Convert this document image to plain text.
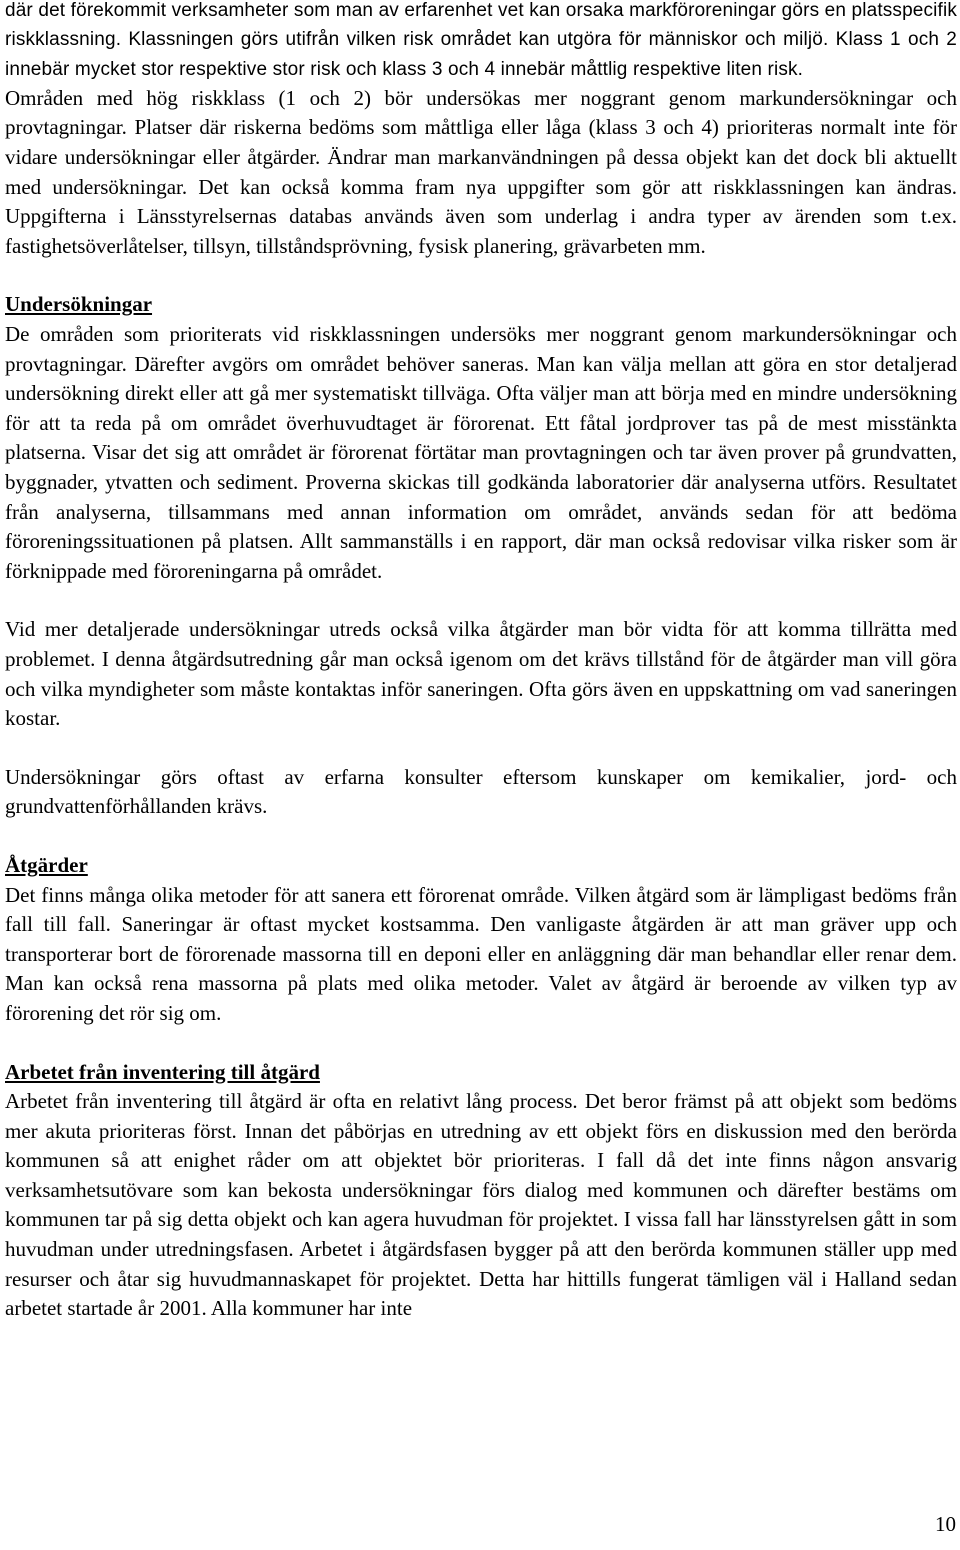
där det förekommit verksamheter som man av erfarenhet vet kan orsaka markföroreningar görs en platsspecifik riskklassning. Klassningen görs utifrån vilken risk området kan utgöra för människor och miljö. Klass 1 och 2 innebär mycket stor respektive stor risk och klass 3 och 4 innebär måttlig respektive liten risk.

Områden med hög riskklass (1 och 2) bör undersökas mer noggrant genom markundersökningar och provtagningar. Platser där riskerna bedöms som måttliga eller låga (klass 3 och 4) prioriteras normalt inte för vidare undersökningar eller åtgärder. Ändrar man markanvändningen på dessa objekt kan det dock bli aktuellt med undersökningar. Det kan också komma fram nya uppgifter som gör att riskklassningen kan ändras. Uppgifterna i Länsstyrelsernas databas används även som underlag i andra typer av ärenden som t.ex. fastighetsöverlåtelser, tillsyn, tillståndsprövning, fysisk planering, grävarbeten mm.

Undersökningar

De områden som prioriterats vid riskklassningen undersöks mer noggrant genom markundersökningar och provtagningar. Därefter avgörs om området behöver saneras. Man kan välja mellan att göra en stor detaljerad undersökning direkt eller att gå mer systematiskt tillväga. Ofta väljer man att börja med en mindre undersökning för att ta reda på om området överhuvudtaget är förorenat. Ett fåtal jordprover tas på de mest misstänkta platserna. Visar det sig att området är förorenat förtätar man provtagningen och tar även prover på grundvatten, byggnader, ytvatten och sediment. Proverna skickas till godkända laboratorier där analyserna utförs. Resultatet från analyserna, tillsammans med annan information om området, används sedan för att bedöma föroreningssituationen på platsen. Allt sammanställs i en rapport, där man också redovisar vilka risker som är förknippade med föroreningarna på området.

Vid mer detaljerade undersökningar utreds också vilka åtgärder man bör vidta för att komma tillrätta med problemet. I denna åtgärdsutredning går man också igenom om det krävs tillstånd för de åtgärder man vill göra och vilka myndigheter som måste kontaktas inför saneringen. Ofta görs även en uppskattning om vad saneringen kostar.

Undersökningar görs oftast av erfarna konsulter eftersom kunskaper om kemikalier, jord- och grundvattenförhållanden krävs.

Åtgärder

Det finns många olika metoder för att sanera ett förorenat område. Vilken åtgärd som är lämpligast bedöms från fall till fall. Saneringar är oftast mycket kostsamma. Den vanligaste åtgärden är att man gräver upp och transporterar bort de förorenade massorna till en deponi eller en anläggning där man behandlar eller renar dem. Man kan också rena massorna på plats med olika metoder. Valet av åtgärd är beroende av vilken typ av förorening det rör sig om.

Arbetet från inventering till åtgärd

Arbetet från inventering till åtgärd är ofta en relativt lång process. Det beror främst på att objekt som bedöms mer akuta prioriteras först. Innan det påbörjas en utredning av ett objekt förs en diskussion med den berörda kommunen så att enighet råder om att objektet bör prioriteras. I fall då det inte finns någon ansvarig verksamhetsutövare som kan bekosta undersökningar förs dialog med kommunen och därefter bestäms om kommunen tar på sig detta objekt och kan agera huvudman för projektet. I vissa fall har länsstyrelsen gått in som huvudman under utredningsfasen. Arbetet i åtgärdsfasen bygger på att den berörda kommunen ställer upp med resurser och åtar sig huvudmannaskapet för projektet. Detta har hittills fungerat tämligen väl i Halland sedan arbetet startade år 2001. Alla kommuner har inte

10
